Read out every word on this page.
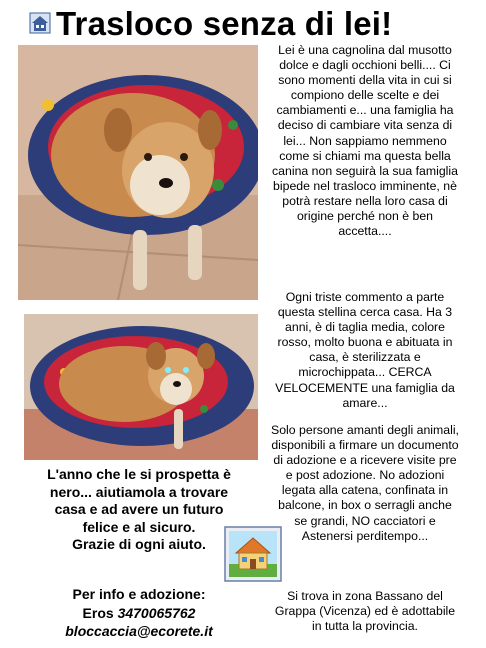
Trasloco senza di lei!

Lei è una cagnolina dal musotto dolce e dagli occhioni belli.... Ci sono momenti della vita in cui si compiono delle scelte e dei cambiamenti e... una famiglia ha deciso di cambiare vita senza di lei... Non sappiamo nemmeno come si chiami ma questa bella canina non seguirà la sua famiglia bipede nel trasloco imminente, nè potrà restare nella loro casa di origine perché non è ben accetta....

Ogni triste commento a parte questa stellina cerca casa. Ha 3 anni, è di taglia media, colore rosso, molto buona e abituata in casa, è sterilizzata e microchippata... CERCA VELOCEMENTE una famiglia da amare...

Solo persone amanti degli animali, disponibili a firmare un documento di adozione e a ricevere visite pre e post adozione. No adozioni legata alla catena, confinata in balcone, in box o serragli anche se grandi, NO cacciatori e Astenersi perditempo...

Si trova in zona Bassano del Grappa (Vicenza) ed è adottabile in tutta la provincia.

L'anno che le si prospetta è
nero... aiutiamola a trovare
casa e ad avere un futuro
felice e al sicuro.
Grazie di ogni aiuto.
Per info e adozione:
Eros 3470065762
bloccaccia@ecorete.it
